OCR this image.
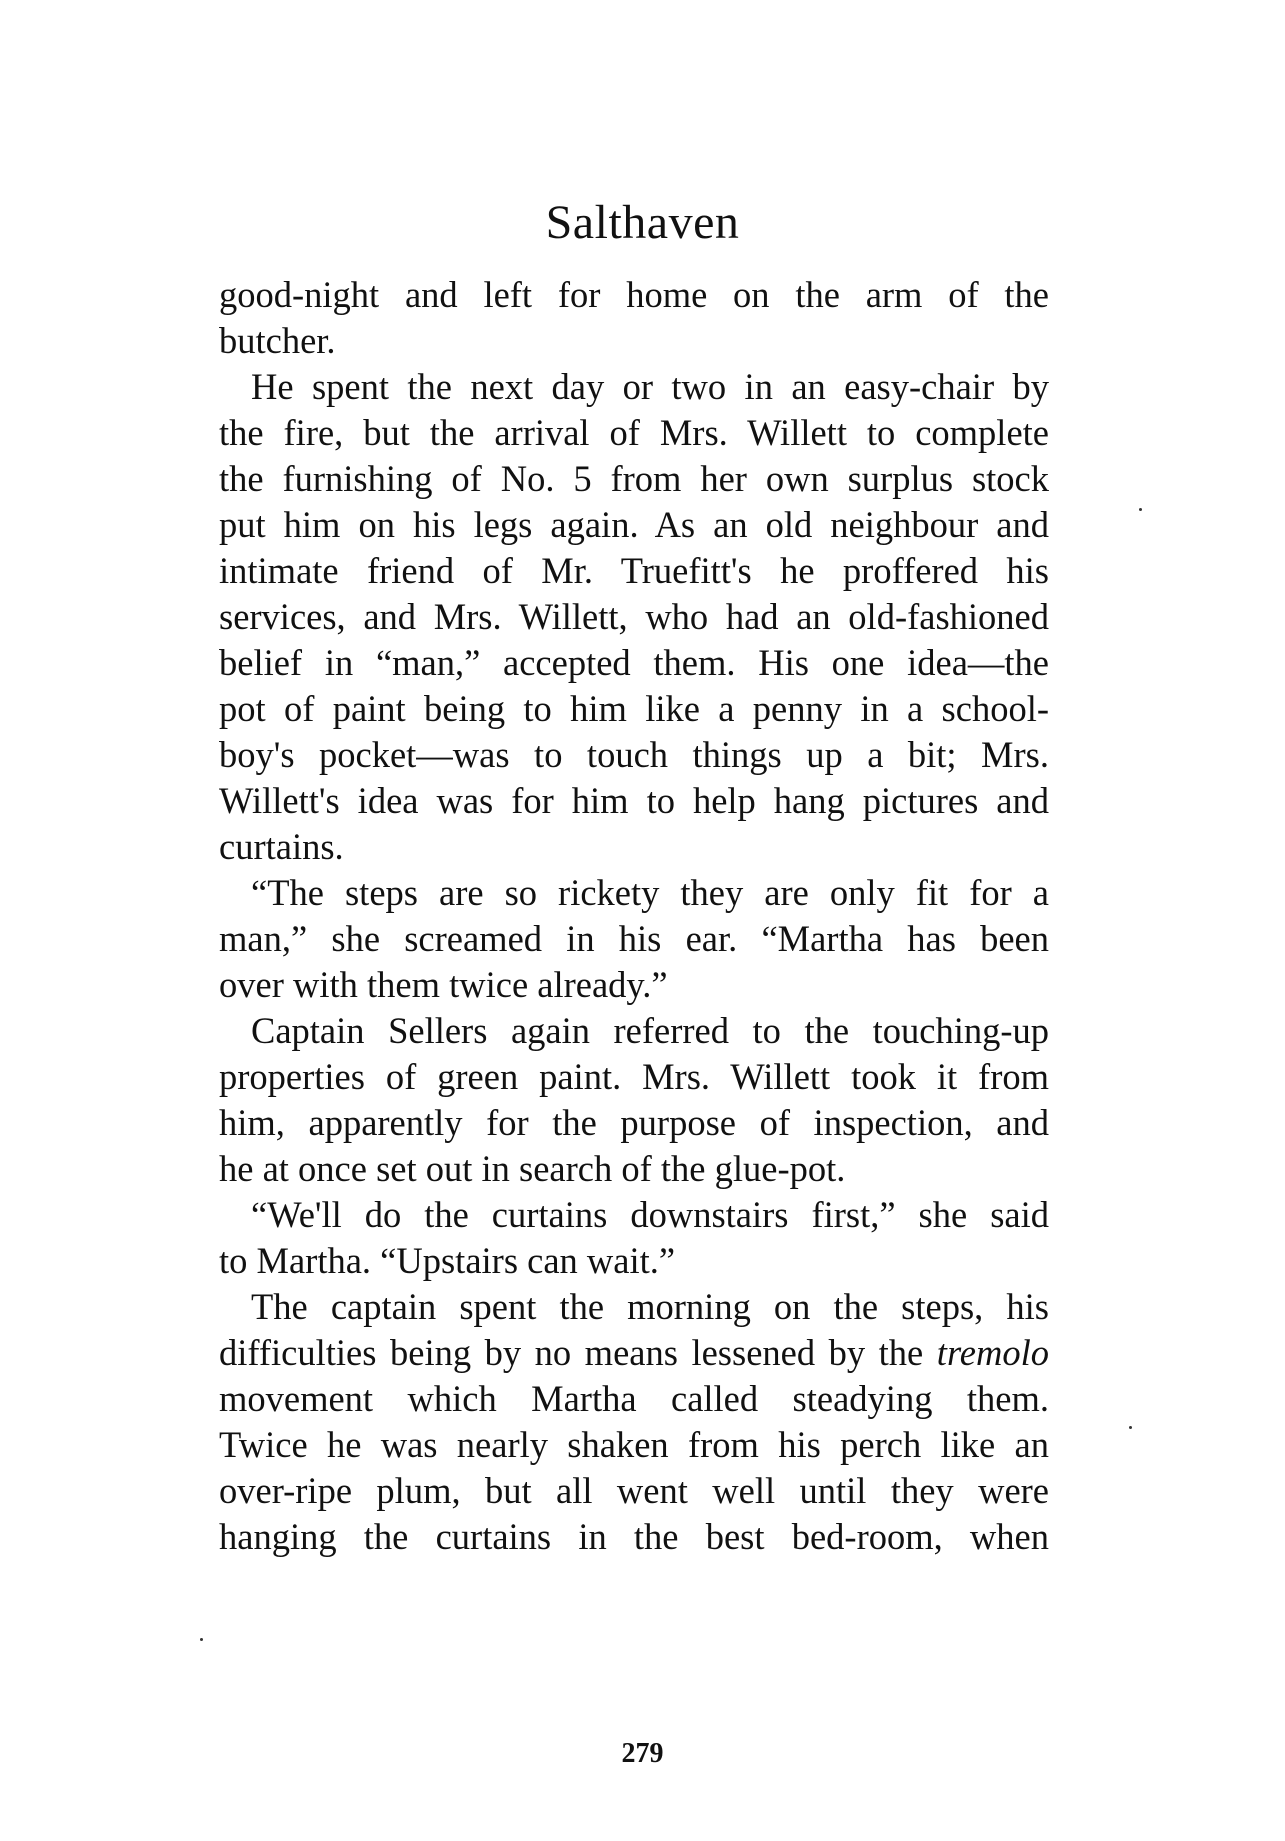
Salthaven
good-night and left for home on the arm of the
butcher.
He spent the next day or two in an easy-chair by
the fire, but the arrival of Mrs. Willett to complete
the furnishing of No. 5 from her own surplus stock
put him on his legs again. As an old neighbour and
intimate friend of Mr. Truefitt's he proffered his
services, and Mrs. Willett, who had an old-fashioned
belief in “man,” accepted them. His one idea—the
pot of paint being to him like a penny in a school-
boy's pocket—was to touch things up a bit; Mrs.
Willett's idea was for him to help hang pictures and
curtains.
“The steps are so rickety they are only fit for a
man,” she screamed in his ear. “Martha has been
over with them twice already.”
Captain Sellers again referred to the touching-up
properties of green paint. Mrs. Willett took it from
him, apparently for the purpose of inspection, and
he at once set out in search of the glue-pot.
“We'll do the curtains downstairs first,” she said
to Martha. “Upstairs can wait.”
The captain spent the morning on the steps, his
difficulties being by no means lessened by the tremolo
movement which Martha called steadying them.
Twice he was nearly shaken from his perch like an
over-ripe plum, but all went well until they were
hanging the curtains in the best bed-room, when
279
